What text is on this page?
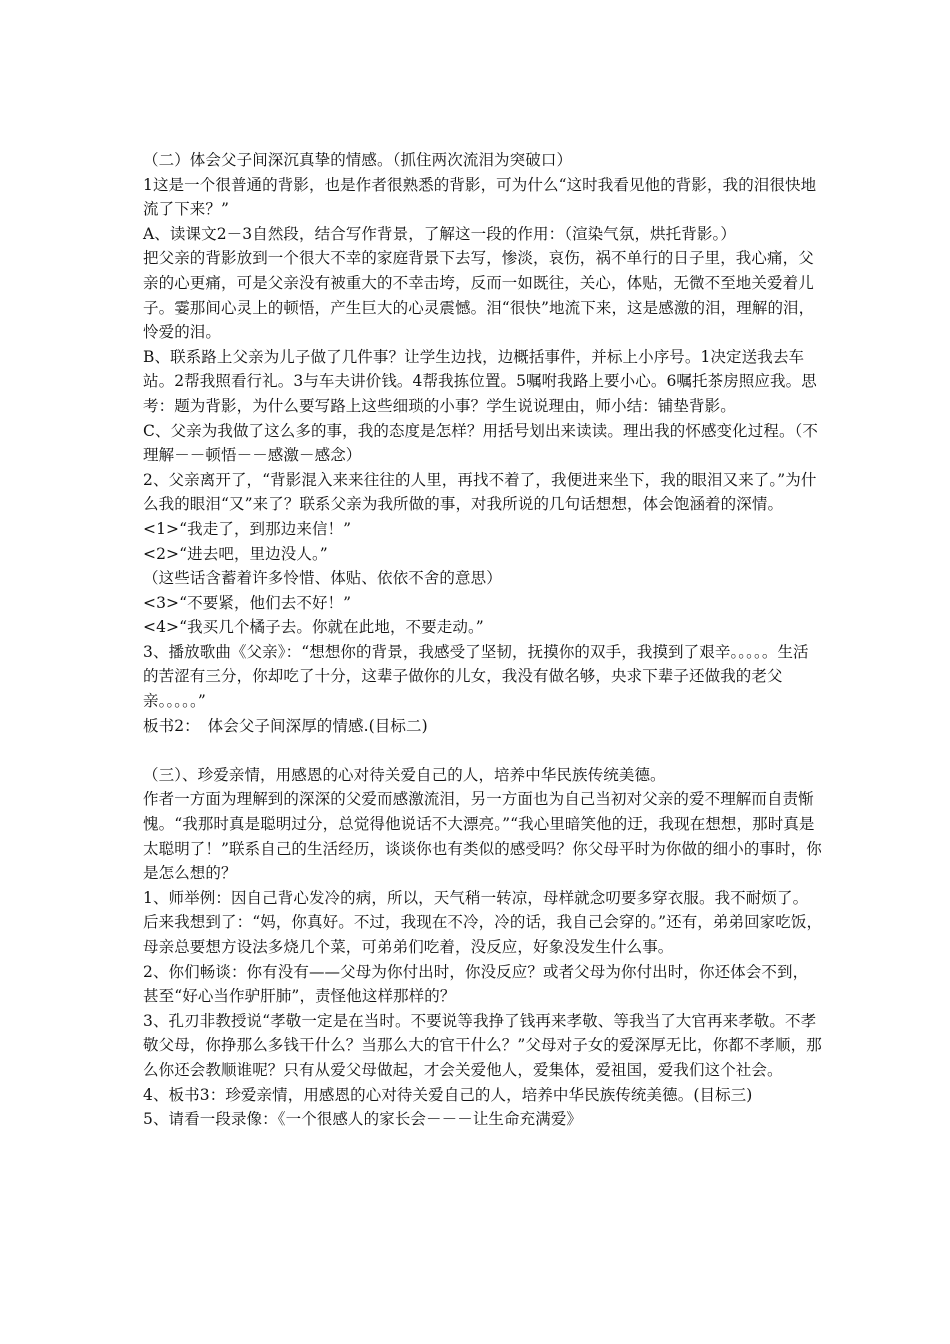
（二）体会父子间深沉真挚的情感。（抓住两次流泪为突破口）

1这是一个很普通的背影，也是作者很熟悉的背影，可为什么“这时我看见他的背影，我的泪很快地流了下来？”

A、读课文2－3自然段，结合写作背景，了解这一段的作用：（渲染气氛，烘托背影。）

把父亲的背影放到一个很大不幸的家庭背景下去写，惨淡，哀伤，祸不单行的日子里，我心痛，父亲的心更痛，可是父亲没有被重大的不幸击垮，反而一如既往，关心，体贴，无微不至地关爱着儿子。霎那间心灵上的顿悟，产生巨大的心灵震憾。泪“很快”地流下来，这是感激的泪，理解的泪，怜爱的泪。

B、联系路上父亲为儿子做了几件事？让学生边找，边概括事件，并标上小序号。1决定送我去车站。2帮我照看行礼。3与车夫讲价钱。4帮我拣位置。5嘱咐我路上要小心。6嘱托茶房照应我。思考：题为背影，为什么要写路上这些细琐的小事？学生说说理由，师小结：铺垫背影。

C、父亲为我做了这么多的事，我的态度是怎样？用括号划出来读读。理出我的怀感变化过程。（不理解－－顿悟－－感激－感念）

2、父亲离开了，“背影混入来来往往的人里，再找不着了，我便进来坐下，我的眼泪又来了。”为什么我的眼泪“又”来了？联系父亲为我所做的事，对我所说的几句话想想，体会饱涵着的深情。

<1>“我走了，到那边来信！”

<2>“进去吧，里边没人。”

（这些话含蓄着许多怜惜、体贴、依依不舍的意思）

<3>“不要紧，他们去不好！”

<4>“我买几个橘子去。你就在此地，不要走动。”

3、播放歌曲《父亲》：“想想你的背景，我感受了坚韧，抚摸你的双手，我摸到了艰辛。。。。。生活的苦涩有三分，你却吃了十分，这辈子做你的儿女，我没有做名够，央求下辈子还做我的老父亲。。。。。”

板书2：　体会父子间深厚的情感.(目标二)

（三）、珍爱亲情，用感恩的心对待关爱自己的人，培养中华民族传统美德。

作者一方面为理解到的深深的父爱而感激流泪，另一方面也为自己当初对父亲的爱不理解而自责惭愧。“我那时真是聪明过分，总觉得他说话不大漂亮。”“我心里暗笑他的迂，我现在想想，那时真是太聪明了！”联系自己的生活经历，谈谈你也有类似的感受吗？你父母平时为你做的细小的事时，你是怎么想的？

1、师举例：因自己背心发冷的病，所以，天气稍一转凉，母样就念叨要多穿衣服。我不耐烦了。后来我想到了：“妈，你真好。不过，我现在不冷，冷的话，我自己会穿的。”还有，弟弟回家吃饭，母亲总要想方设法多烧几个菜，可弟弟们吃着，没反应，好象没发生什么事。

2、你们畅谈：你有没有——父母为你付出时，你没反应？或者父母为你付出时，你还体会不到，甚至“好心当作驴肝肺”，责怪他这样那样的？

3、孔刃非教授说“孝敬一定是在当时。不要说等我挣了钱再来孝敬、等我当了大官再来孝敬。不孝敬父母，你挣那么多钱干什么？当那么大的官干什么？”父母对子女的爱深厚无比，你都不孝顺，那么你还会教顺谁呢？只有从爱父母做起，才会关爱他人，爱集体，爱祖国，爱我们这个社会。

4、板书3：珍爱亲情，用感恩的心对待关爱自己的人，培养中华民族传统美德。(目标三)

5、请看一段录像：《一个很感人的家长会－－－让生命充满爱》
